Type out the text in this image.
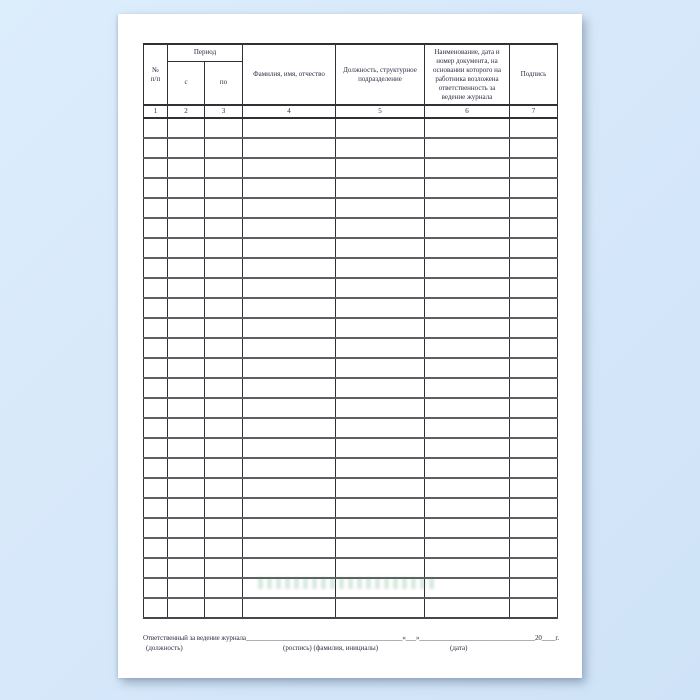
№
п/п	Период		Фамилия, имя, отчество	Должность, структурное подразделение	Наименование, дата и номер документа, на основании которого на работника возложена ответственность за ведение журнала	Подпись
	с	по				
1	2	3	4	5	6	7

Ответственный за ведение журнала______________________________________________«___»__________________________________20____г.
(должность)	(роспись) (фамилия, инициалы)	(дата)
